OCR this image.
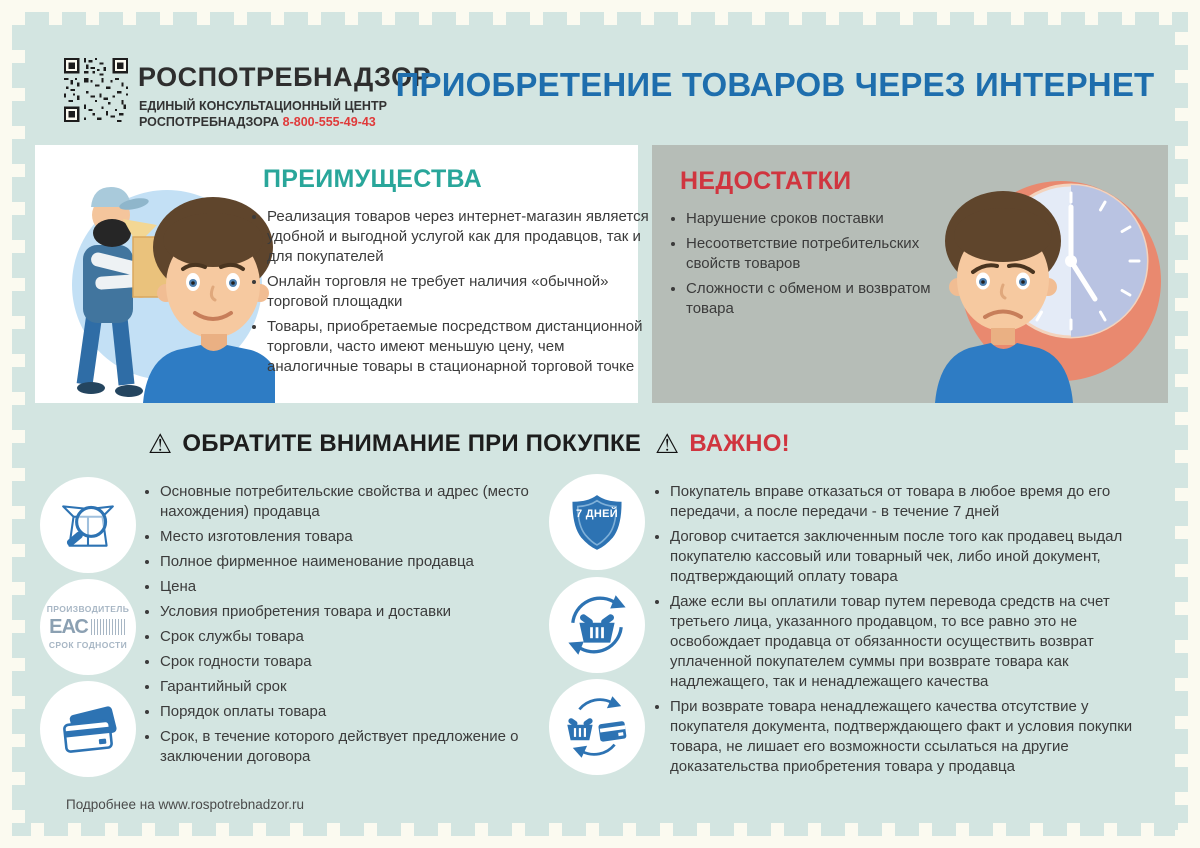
РОСПОТРЕБНАДЗОР
ЕДИНЫЙ КОНСУЛЬТАЦИОННЫЙ ЦЕНТР
РОСПОТРЕБНАДЗОРА 8-800-555-49-43
ПРИОБРЕТЕНИЕ ТОВАРОВ ЧЕРЕЗ ИНТЕРНЕТ
ПРЕИМУЩЕСТВА
• Реализация товаров через интернет-магазин является удобной и выгодной услугой как для продавцов, так и для покупателей
• Онлайн торговля не требует наличия «обычной» торговой площадки
• Товары, приобретаемые посредством дистанционной торговли, часто имеют меньшую цену, чем аналогичные товары в стационарной торговой точке
НЕДОСТАТКИ
• Нарушение сроков поставки
• Несоответствие потребительских свойств товаров
• Сложности с обменом и возвратом товара
⚠ ОБРАТИТЕ ВНИМАНИЕ ПРИ ПОКУПКЕ ⚠ ВАЖНО!
ПРОИЗВОДИТЕЛЬ
ЕАС
СРОК ГОДНОСТИ
7 ДНЕЙ
• Основные потребительские свойства и адрес (место нахождения) продавца
• Место изготовления товара
• Полное фирменное наименование продавца
• Цена
• Условия приобретения товара и доставки
• Срок службы товара
• Срок годности товара
• Гарантийный срок
• Порядок оплаты товара
• Срок, в течение которого действует предложение о заключении договора
• Покупатель вправе отказаться от товара в любое время до его передачи, а после передачи - в течение 7 дней
• Договор считается заключенным после того как продавец выдал покупателю кассовый или товарный чек, либо иной документ, подтверждающий оплату товара
• Даже если вы оплатили товар путем перевода средств на счет третьего лица, указанного продавцом, то все равно это не освобождает продавца от обязанности осуществить возврат уплаченной покупателем суммы при возврате товара как надлежащего, так и ненадлежащего качества
• При возврате товара ненадлежащего качества отсутствие у покупателя документа, подтверждающего факт и условия покупки товара, не лишает его возможности ссылаться на другие доказательства приобретения товара у продавца
Подробнее на www.rospotrebnadzor.ru
